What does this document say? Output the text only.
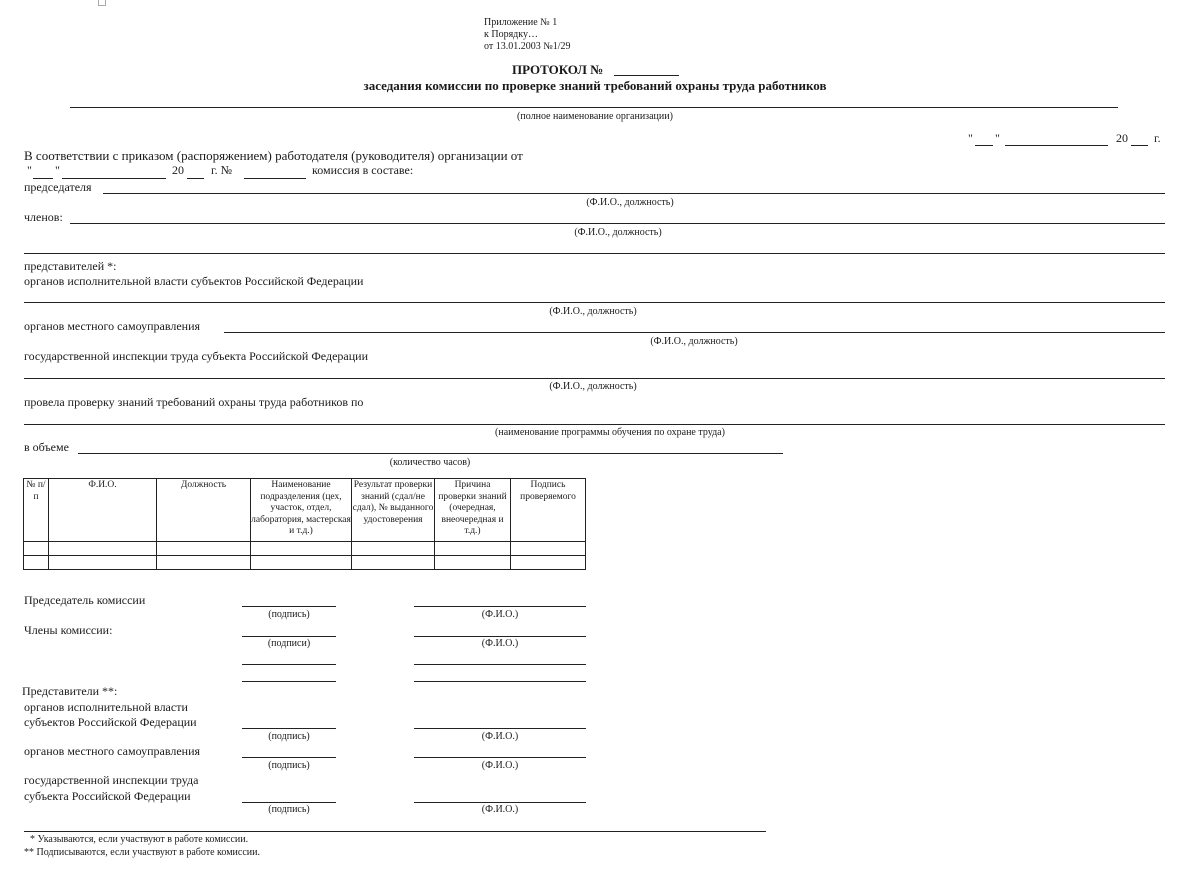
Приложение № 1
к Порядку…
от 13.01.2003 №1/29
ПРОТОКОЛ №
заседания комиссии по проверке знаний требований охраны труда работников
(полное наименование организации)
" "	20 г.
В соответствии с приказом (распоряжением) работодателя (руководителя) организации от
" "	20 г. №	комиссия в составе:
председателя
(Ф.И.О., должность)
членов:
(Ф.И.О., должность)
представителей *:
органов исполнительной власти субъектов Российской Федерации
(Ф.И.О., должность)
органов местного самоуправления
(Ф.И.О., должность)
государственной инспекции труда субъекта Российской Федерации
(Ф.И.О., должность)
провела проверку знаний требований охраны труда работников по
(наименование программы обучения по охране труда)
в объеме
(количество часов)
№ п/п	Ф.И.О.	Должность	Наименование подразделения (цех, участок, отдел, лаборатория, мастерская и т.д.)	Результат проверки знаний (сдал/не сдал), № выданного удостоверения	Причина проверки знаний (очередная, внеочередная и т.д.)	Подпись проверяемого

Председатель комиссии
(подпись)	(Ф.И.О.)
Члены комиссии:
(подписи)	(Ф.И.О.)
Представители **:
органов исполнительной власти
субъектов Российской Федерации
(подпись)	(Ф.И.О.)
органов местного самоуправления
(подпись)	(Ф.И.О.)
государственной инспекции труда
субъекта Российской Федерации
(подпись)	(Ф.И.О.)
* Указываются, если участвуют в работе комиссии.
** Подписываются, если участвуют в работе комиссии.
